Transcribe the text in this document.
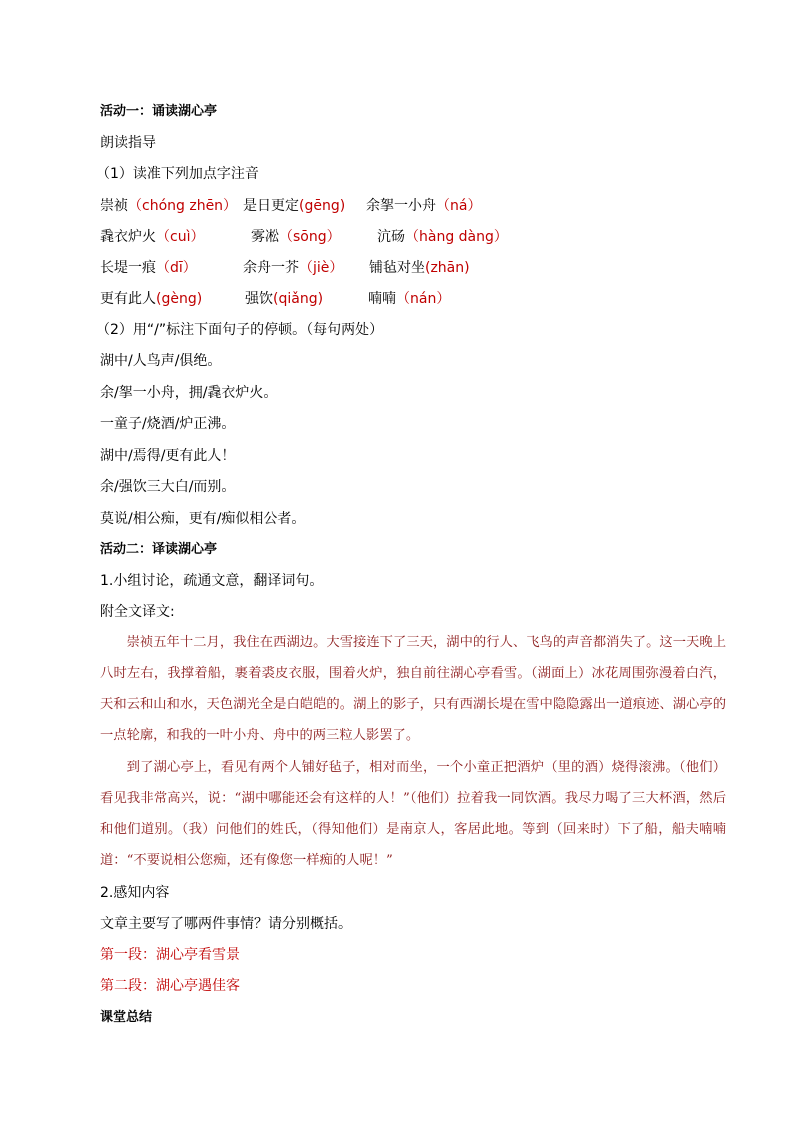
活动一：诵读湖心亭
朗读指导
（1）读准下列加点字注音
崇祯（chóng zhēn） 是日更定(gēng) 余挐一小舟（ná）
毳衣炉火（cuì）	雾凇（sōng）	沆砀（hàng dàng）
长堤一痕（dī）	余舟一芥（jiè） 铺毡对坐(zhān)
更有此人(gèng)	强饮(qiǎng)	喃喃（nán）
（2）用“/”标注下面句子的停顿。（每句两处）
湖中/人鸟声/俱绝。
余/挐一小舟，拥/毳衣炉火。
一童子/烧酒/炉正沸。
湖中/焉得/更有此人！
余/强饮三大白/而别。
莫说/相公痴，更有/痴似相公者。
活动二：译读湖心亭
1.小组讨论，疏通文意，翻译词句。
附全文译文:

崇祯五年十二月，我住在西湖边。大雪接连下了三天，湖中的行人、飞鸟的声音都消失了。这一天晚上八时左右，我撑着船，裹着裘皮衣服，围着火炉，独自前往湖心亭看雪。（湖面上）冰花周围弥漫着白汽，天和云和山和水，天色湖光全是白皑皑的。湖上的影子，只有西湖长堤在雪中隐隐露出一道痕迹、湖心亭的一点轮廓，和我的一叶小舟、舟中的两三粒人影罢了。

到了湖心亭上，看见有两个人铺好毡子，相对而坐，一个小童正把酒炉（里的酒）烧得滚沸。（他们）看见我非常高兴，说：“湖中哪能还会有这样的人！”（他们）拉着我一同饮酒。我尽力喝了三大杯酒，然后和他们道别。（我）问他们的姓氏，（得知他们）是南京人，客居此地。等到（回来时）下了船，船夫喃喃道：“不要说相公您痴，还有像您一样痴的人呢！”

2.感知内容
文章主要写了哪两件事情？请分别概括。
第一段：湖心亭看雪景
第二段：湖心亭遇佳客
课堂总结
